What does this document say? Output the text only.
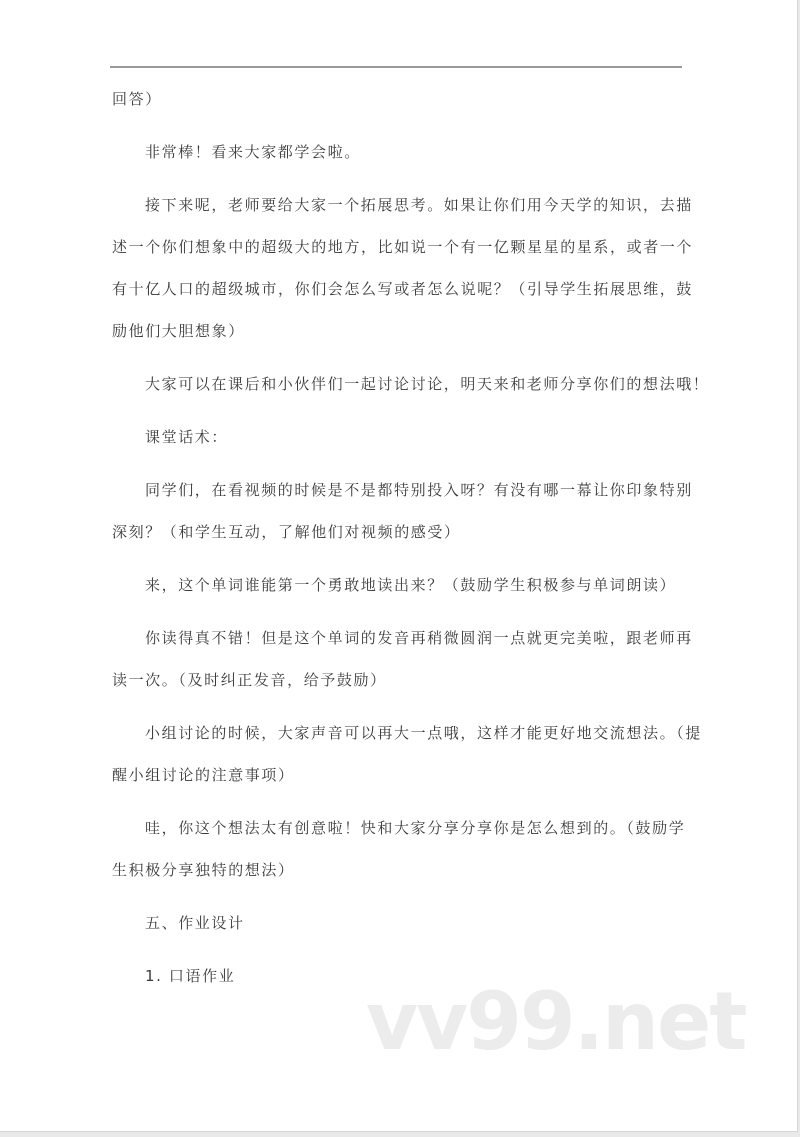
回答）
非常棒！看来大家都学会啦。
接下来呢，老师要给大家一个拓展思考。如果让你们用今天学的知识，去描
述一个你们想象中的超级大的地方，比如说一个有一亿颗星星的星系，或者一个
有十亿人口的超级城市，你们会怎么写或者怎么说呢？（引导学生拓展思维，鼓
励他们大胆想象）
大家可以在课后和小伙伴们一起讨论讨论，明天来和老师分享你们的想法哦！
课堂话术：
同学们，在看视频的时候是不是都特别投入呀？有没有哪一幕让你印象特别
深刻？（和学生互动，了解他们对视频的感受）
来，这个单词谁能第一个勇敢地读出来？（鼓励学生积极参与单词朗读）
你读得真不错！但是这个单词的发音再稍微圆润一点就更完美啦，跟老师再
读一次。（及时纠正发音，给予鼓励）
小组讨论的时候，大家声音可以再大一点哦，这样才能更好地交流想法。（提
醒小组讨论的注意事项）
哇，你这个想法太有创意啦！快和大家分享分享你是怎么想到的。（鼓励学
生积极分享独特的想法）
五、作业设计
1. 口语作业	vv99.net
